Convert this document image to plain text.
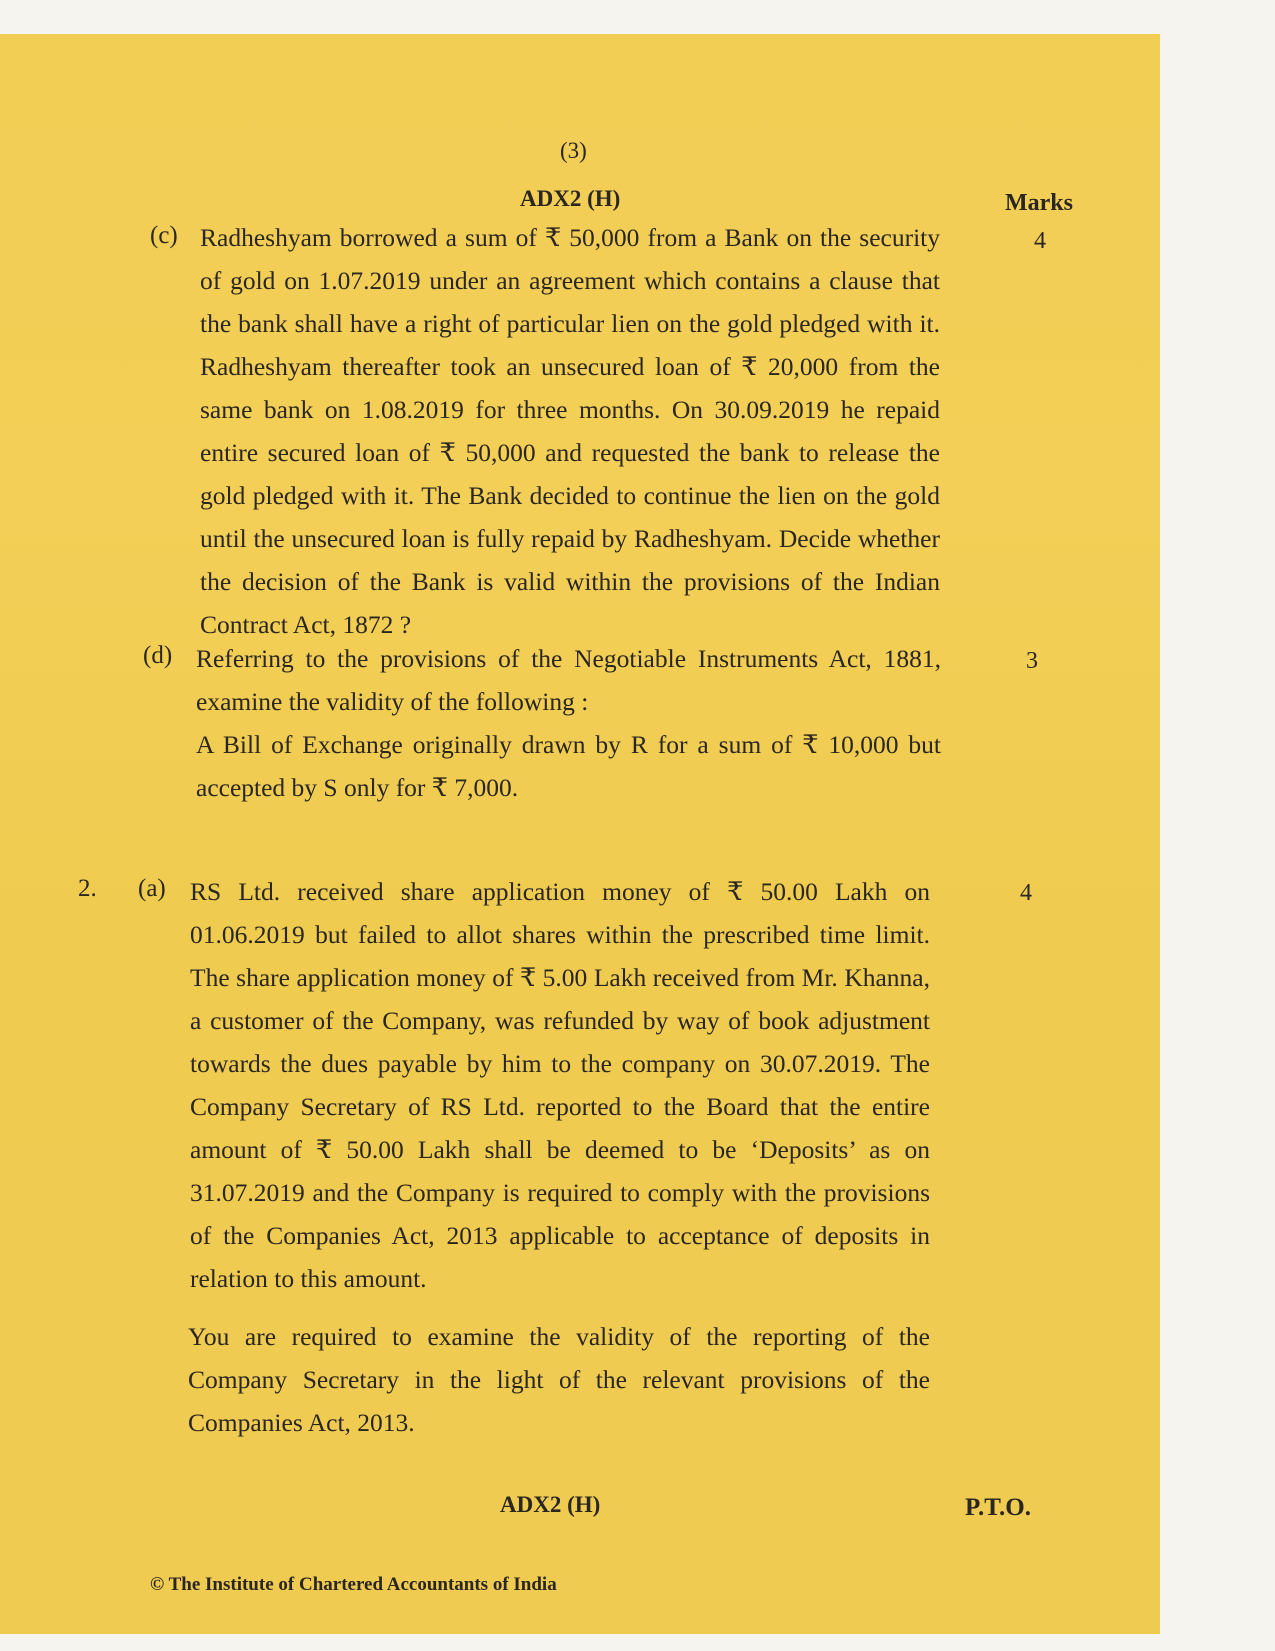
(3)
ADX2 (H)	Marks
(c) Radheshyam borrowed a sum of ₹ 50,000 from a Bank on the security of gold on 1.07.2019 under an agreement which contains a clause that the bank shall have a right of particular lien on the gold pledged with it. Radheshyam thereafter took an unsecured loan of ₹ 20,000 from the same bank on 1.08.2019 for three months. On 30.09.2019 he repaid entire secured loan of ₹ 50,000 and requested the bank to release the gold pledged with it. The Bank decided to continue the lien on the gold until the unsecured loan is fully repaid by Radheshyam. Decide whether the decision of the Bank is valid within the provisions of the Indian Contract Act, 1872 ?
4
(d) Referring to the provisions of the Negotiable Instruments Act, 1881, examine the validity of the following :
A Bill of Exchange originally drawn by R for a sum of ₹ 10,000 but accepted by S only for ₹ 7,000.
3
2. (a) RS Ltd. received share application money of ₹ 50.00 Lakh on 01.06.2019 but failed to allot shares within the prescribed time limit. The share application money of ₹ 5.00 Lakh received from Mr. Khanna, a customer of the Company, was refunded by way of book adjustment towards the dues payable by him to the company on 30.07.2019. The Company Secretary of RS Ltd. reported to the Board that the entire amount of ₹ 50.00 Lakh shall be deemed to be ‘Deposits’ as on 31.07.2019 and the Company is required to comply with the provisions of the Companies Act, 2013 applicable to acceptance of deposits in relation to this amount.
You are required to examine the validity of the reporting of the Company Secretary in the light of the relevant provisions of the Companies Act, 2013.
4
ADX2 (H)	P.T.O.
© The Institute of Chartered Accountants of India
